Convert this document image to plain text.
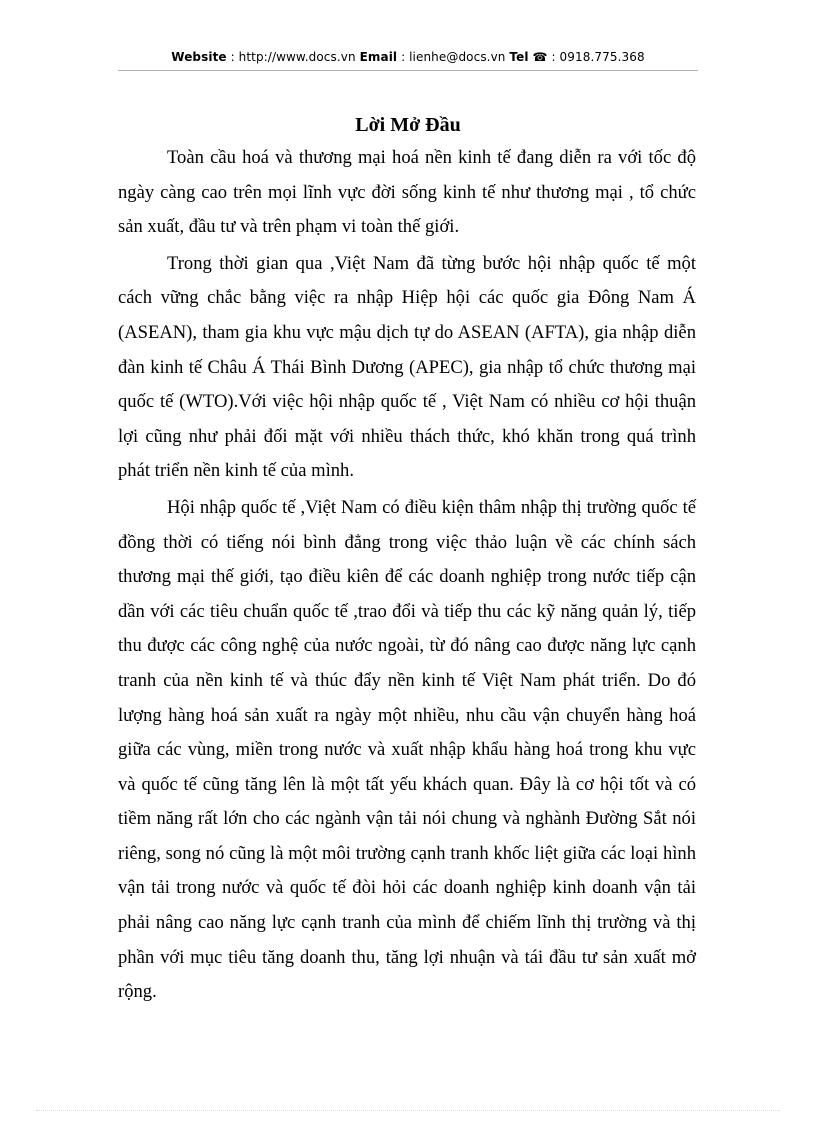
Website : http://www.docs.vn Email : lienhe@docs.vn Tel ☎ : 0918.775.368
Lời Mở Đầu

Toàn cầu hoá và thương mại hoá nền kinh tế đang diễn ra với tốc độ ngày càng cao trên mọi lĩnh vực đời sống kinh tế như thương mại , tổ chức sản xuất, đầu tư và trên phạm vi toàn thế giới.

Trong thời gian qua ,Việt Nam đã từng bước hội nhập quốc tế một cách vững chắc bằng việc ra nhập Hiệp hội các quốc gia Đông Nam Á (ASEAN), tham gia khu vực mậu dịch tự do ASEAN (AFTA), gia nhập diễn đàn kinh tế Châu Á Thái Bình Dương (APEC), gia nhập tổ chức thương mại quốc tế (WTO).Với việc hội nhập quốc tế , Việt Nam có nhiều cơ hội thuận lợi cũng như phải đối mặt với nhiều thách thức, khó khăn trong quá trình phát triển nền kinh tế của mình.

Hội nhập quốc tế ,Việt Nam có điều kiện thâm nhập thị trường quốc tế đồng thời có tiếng nói bình đẳng trong việc thảo luận về các chính sách thương mại thế giới, tạo điều kiên để các doanh nghiệp trong nước tiếp cận dần với các tiêu chuẩn quốc tế ,trao đổi và tiếp thu các kỹ năng quản lý, tiếp thu được các công nghệ của nước ngoài, từ đó nâng cao được năng lực cạnh tranh của nền kinh tế và thúc đẩy nền kinh tế Việt Nam phát triển. Do đó lượng hàng hoá sản xuất ra ngày một nhiều, nhu cầu vận chuyển hàng hoá giữa các vùng, miền trong nước và xuất nhập khẩu hàng hoá trong khu vực và quốc tế cũng tăng lên là một tất yếu khách quan. Đây là cơ hội tốt và có tiềm năng rất lớn cho các ngành vận tải nói chung và nghành Đường Sắt nói riêng, song nó cũng là một môi trường cạnh tranh khốc liệt giữa các loại hình vận tải trong nước và quốc tế đòi hỏi các doanh nghiệp kinh doanh vận tải phải nâng cao năng lực cạnh tranh của mình để chiếm lĩnh thị trường và thị phần với mục tiêu tăng doanh thu, tăng lợi nhuận và tái đầu tư sản xuất mở rộng.
